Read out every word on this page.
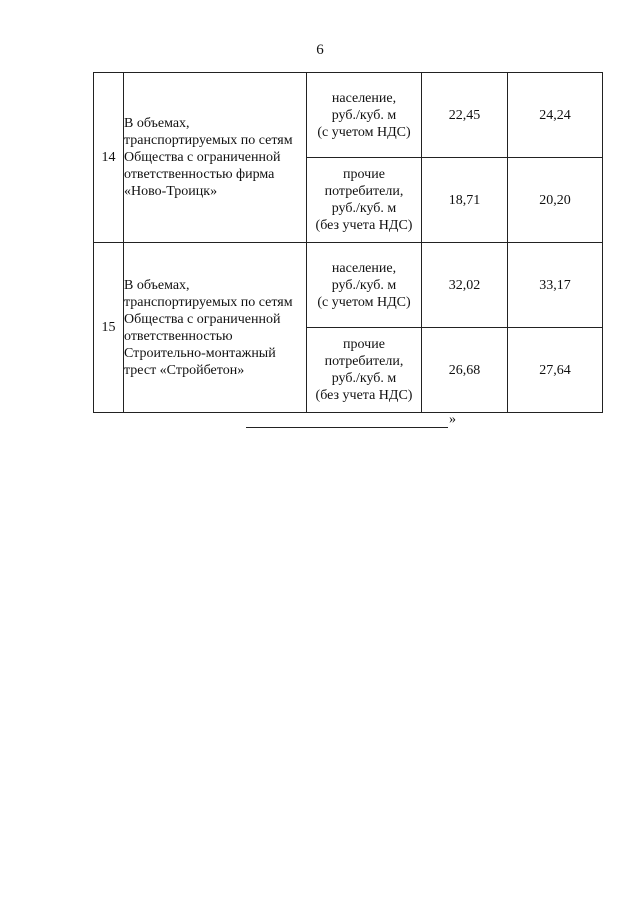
6
14	В объемах, транспортируемых по сетям Общества с ограниченной ответственностью фирма «Ново-Троицк»	население,
руб./куб. м
(с учетом НДС)	22,45	24,24
		прочие
потребители,
руб./куб. м
(без учета НДС)	18,71	20,20
15	В объемах, транспортируемых по сетям Общества с ограниченной ответственностью Строительно-монтажный трест «Стройбетон»	население,
руб./куб. м
(с учетом НДС)	32,02	33,17
		прочие
потребители,
руб./куб. м
(без учета НДС)	26,68	27,64
»
